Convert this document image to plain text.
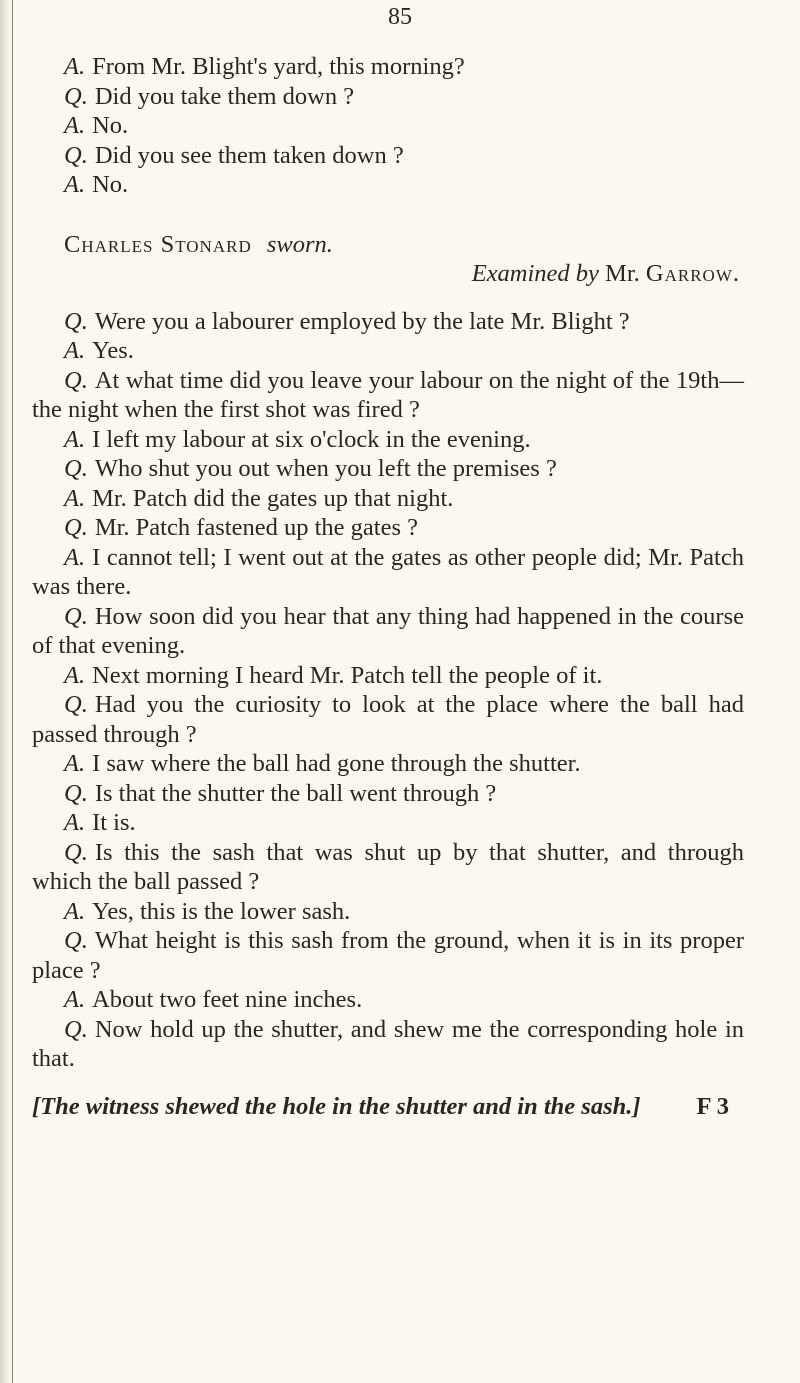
85

A. From Mr. Blight's yard, this morning?

Q. Did you take them down ?

A. No.

Q. Did you see them taken down ?

A. No.

Charles Stonard sworn.

Examined by Mr. Garrow.

Q. Were you a labourer employed by the late Mr. Blight ?

A. Yes.

Q. At what time did you leave your labour on the night of the 19th—the night when the first shot was fired ?

A. I left my labour at six o'clock in the evening.

Q. Who shut you out when you left the premises ?

A. Mr. Patch did the gates up that night.

Q. Mr. Patch fastened up the gates ?

A. I cannot tell; I went out at the gates as other people did; Mr. Patch was there.

Q. How soon did you hear that any thing had happened in the course of that evening.

A. Next morning I heard Mr. Patch tell the people of it.

Q. Had you the curiosity to look at the place where the ball had passed through ?

A. I saw where the ball had gone through the shutter.

Q. Is that the shutter the ball went through ?

A. It is.

Q. Is this the sash that was shut up by that shutter, and through which the ball passed ?

A. Yes, this is the lower sash.

Q. What height is this sash from the ground, when it is in its proper place ?

A. About two feet nine inches.

Q. Now hold up the shutter, and shew me the corresponding hole in that.

[The witness shewed the hole in the shutter and in the sash.] F 3
